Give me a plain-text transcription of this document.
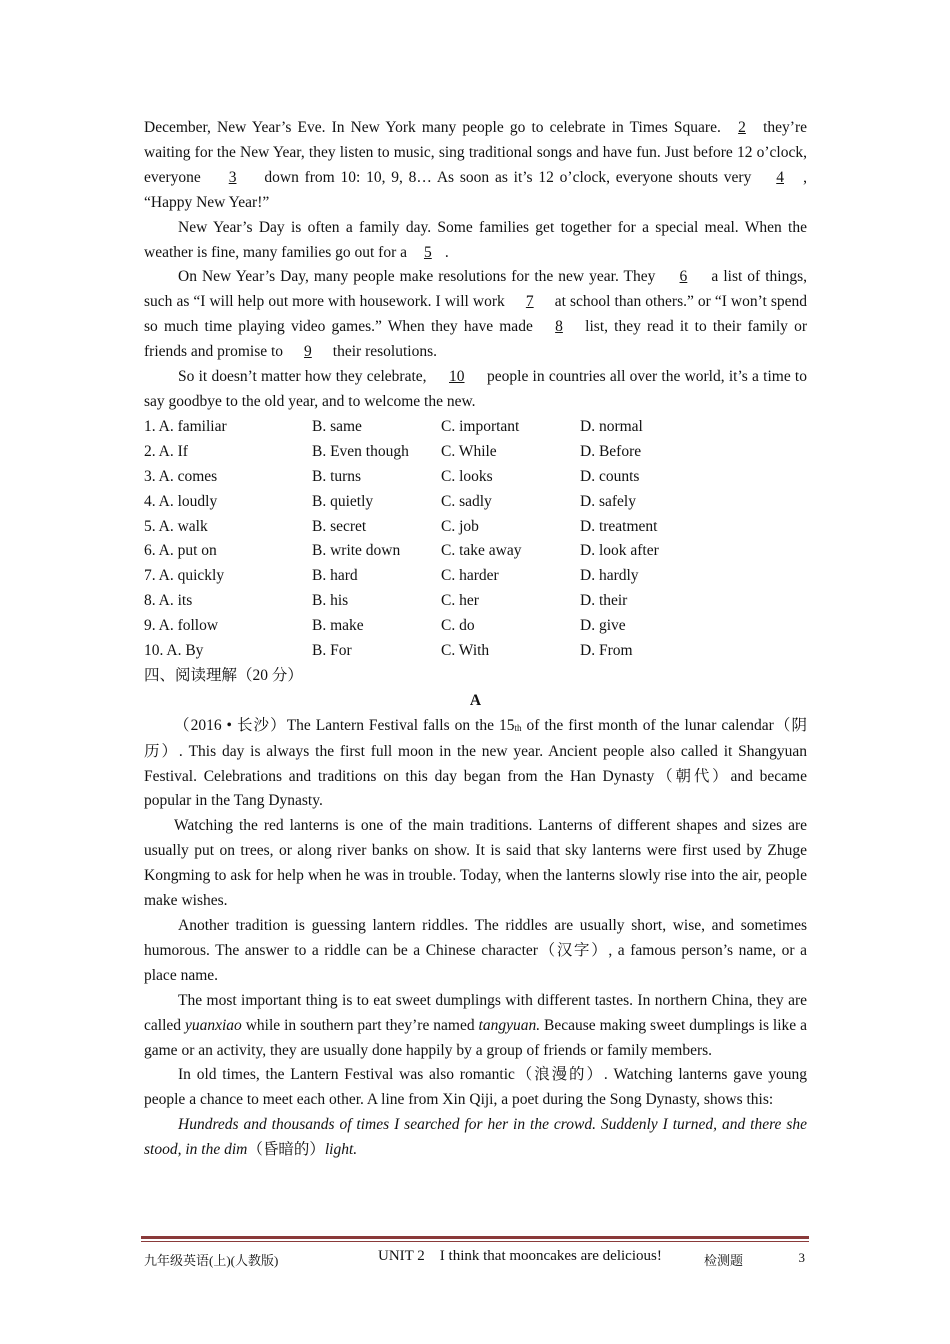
December, New Year’s Eve. In New York many people go to celebrate in Times Square. 2 they’re waiting for the New Year, they listen to music, sing traditional songs and have fun. Just before 12 o’clock, everyone 3 down from 10: 10, 9, 8… As soon as it’s 12 o’clock, everyone shouts very 4 , “Happy New Year!”

New Year’s Day is often a family day. Some families get together for a special meal. When the weather is fine, many families go out for a 5 .

On New Year’s Day, many people make resolutions for the new year. They 6 a list of things, such as “I will help out more with housework. I will work 7 at school than others.” or “I won’t spend so much time playing video games.” When they have made 8 list, they read it to their family or friends and promise to 9 their resolutions.

So it doesn’t matter how they celebrate, 10 people in countries all over the world, it’s a time to say goodbye to the old year, and to welcome the new.

1. A. familiar	B. same	C. important	D. normal
2. A. If	B. Even though	C. While	D. Before
3. A. comes	B. turns	C. looks	D. counts
4. A. loudly	B. quietly	C. sadly	D. safely
5. A. walk	B. secret	C. job	D. treatment
6. A. put on	B. write down	C. take away	D. look after
7. A. quickly	B. hard	C. harder	D. hardly
8. A. its	B. his	C. her	D. their
9. A. follow	B. make	C. do	D. give
10. A. By	B. For	C. With	D. From
四、阅读理解（20 分）
A

（2016 • 长沙）The Lantern Festival falls on the 15th of the first month of the lunar calendar（阴历）. This day is always the first full moon in the new year. Ancient people also called it Shangyuan Festival. Celebrations and traditions on this day began from the Han Dynasty（朝代）and became popular in the Tang Dynasty.

Watching the red lanterns is one of the main traditions. Lanterns of different shapes and sizes are usually put on trees, or along river banks on show. It is said that sky lanterns were first used by Zhuge Kongming to ask for help when he was in trouble. Today, when the lanterns slowly rise into the air, people make wishes.

Another tradition is guessing lantern riddles. The riddles are usually short, wise, and sometimes humorous. The answer to a riddle can be a Chinese character（汉字）, a famous person’s name, or a place name.

The most important thing is to eat sweet dumplings with different tastes. In northern China, they are called yuanxiao while in southern part they’re named tangyuan. Because making sweet dumplings is like a game or an activity, they are usually done happily by a group of friends or family members.

In old times, the Lantern Festival was also romantic（浪漫的）. Watching lanterns gave young people a chance to meet each other. A line from Xin Qiji, a poet during the Song Dynasty, shows this:

Hundreds and thousands of times I searched for her in the crowd. Suddenly I turned, and there she stood, in the dim（昏暗的）light.

九年级英语(上)(人教版)	UNIT 2    I think that mooncakes are delicious!	检测题	3
